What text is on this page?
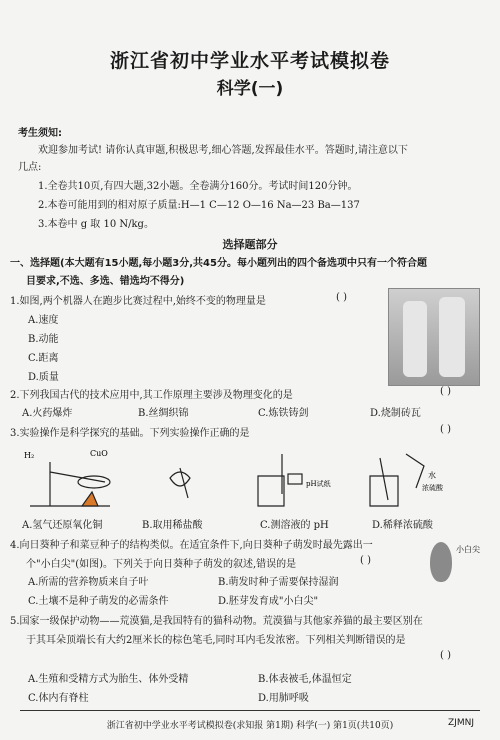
浙江省初中学业水平考试模拟卷
科学(一)
考生须知:
欢迎参加考试! 请你认真审题,积极思考,细心答题,发挥最佳水平。答题时,请注意以下
几点:
1.全卷共10页,有四大题,32小题。全卷满分160分。考试时间120分钟。
2.本卷可能用到的相对原子质量:H—1 C—12 O—16 Na—23 Ba—137
3.本卷中 g 取 10 N/kg。
选择题部分
一、选择题(本大题有15小题,每小题3分,共45分。每小题列出的四个备选项中只有一个符合题
目要求,不选、多选、错选均不得分)
1.如图,两个机器人在跑步比赛过程中,始终不变的物理量是	( )
A.速度
B.动能
C.距离
D.质量
2.下列我国古代的技术应用中,其工作原理主要涉及物理变化的是	( )
A.火药爆炸	B.丝绸织锦	C.炼铁铸剑	D.烧制砖瓦
3.实验操作是科学探究的基础。下列实验操作正确的是	( )
H₂	CuO
pH试纸
水
浓硫酸
A.氢气还原氧化铜	B.取用稀盐酸	C.测溶液的 pH	D.稀释浓硫酸
4.向日葵种子和菜豆种子的结构类似。在适宜条件下,向日葵种子萌发时最先露出一
个"小白尖"(如图)。下列关于向日葵种子萌发的叙述,错误的是	( )
小白尖
A.所需的营养物质来自子叶	B.萌发时种子需要保持湿润
C.土壤不是种子萌发的必需条件	D.胚芽发育成"小白尖"
5.国家一级保护动物——荒漠猫,是我国特有的猫科动物。荒漠猫与其他家养猫的最主要区别在
于其耳朵顶端长有大约2厘米长的棕色笔毛,同时耳内毛发浓密。下列相关判断错误的是
( )
A.生殖和受精方式为胎生、体外受精	B.体表被毛,体温恒定
C.体内有脊柱	D.用肺呼吸
浙江省初中学业水平考试模拟卷(求知报 第1期) 科学(一) 第1页(共10页)	ZJMNJ
